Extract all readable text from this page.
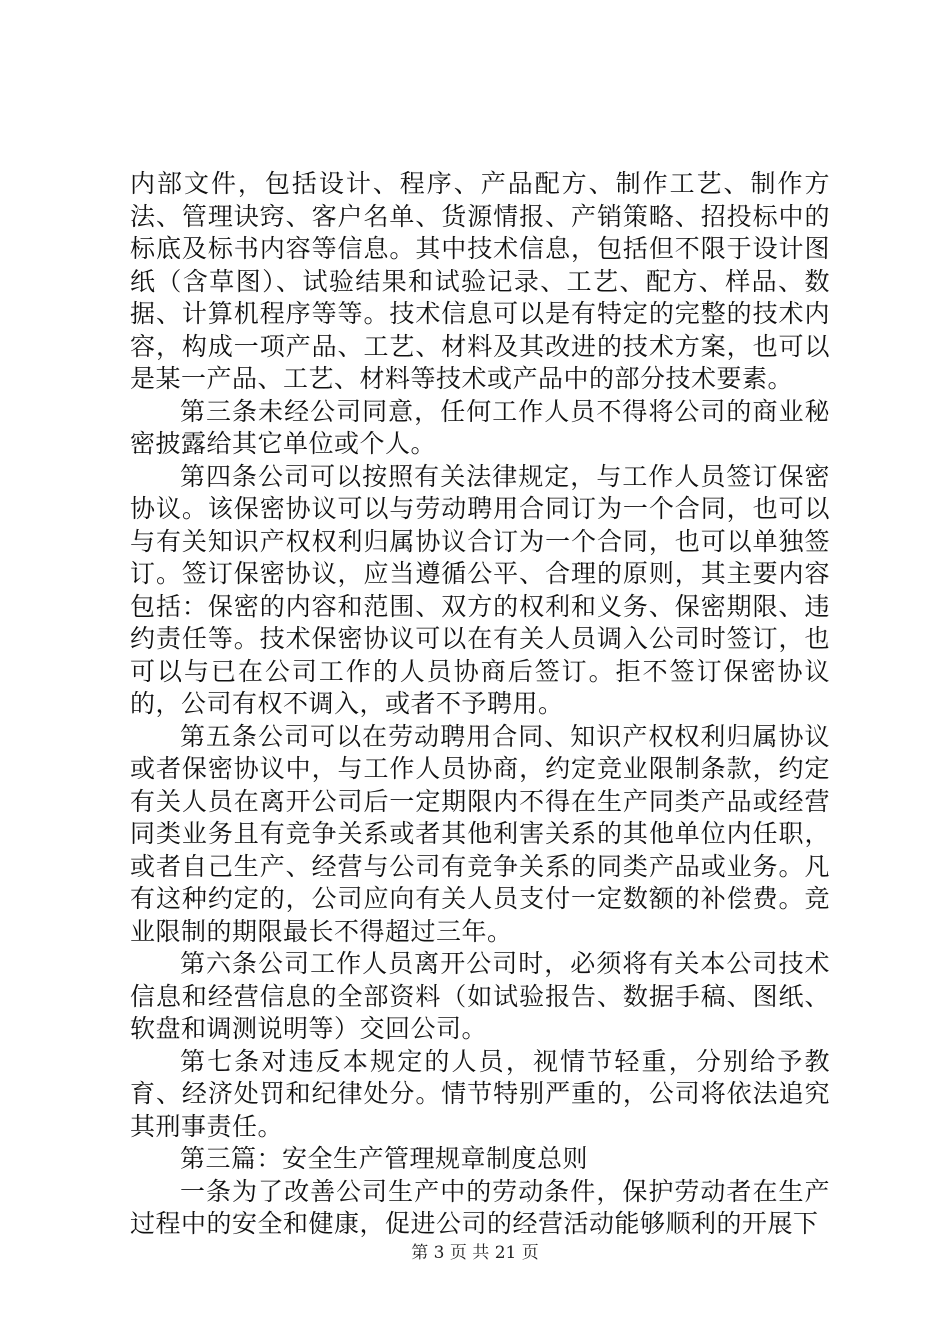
内部文件，包括设计、程序、产品配方、制作工艺、制作方法、管理诀窍、客户名单、货源情报、产销策略、招投标中的标底及标书内容等信息。其中技术信息，包括但不限于设计图纸（含草图）、试验结果和试验记录、工艺、配方、样品、数据、计算机程序等等。技术信息可以是有特定的完整的技术内容，构成一项产品、工艺、材料及其改进的技术方案，也可以是某一产品、工艺、材料等技术或产品中的部分技术要素。

第三条未经公司同意，任何工作人员不得将公司的商业秘密披露给其它单位或个人。

第四条公司可以按照有关法律规定，与工作人员签订保密协议。该保密协议可以与劳动聘用合同订为一个合同，也可以与有关知识产权权利归属协议合订为一个合同，也可以单独签订。签订保密协议，应当遵循公平、合理的原则，其主要内容包括：保密的内容和范围、双方的权利和义务、保密期限、违约责任等。技术保密协议可以在有关人员调入公司时签订，也可以与已在公司工作的人员协商后签订。拒不签订保密协议的，公司有权不调入，或者不予聘用。

第五条公司可以在劳动聘用合同、知识产权权利归属协议或者保密协议中，与工作人员协商，约定竞业限制条款，约定有关人员在离开公司后一定期限内不得在生产同类产品或经营同类业务且有竞争关系或者其他利害关系的其他单位内任职，或者自己生产、经营与公司有竞争关系的同类产品或业务。凡有这种约定的，公司应向有关人员支付一定数额的补偿费。竞业限制的期限最长不得超过三年。

第六条公司工作人员离开公司时，必须将有关本公司技术信息和经营信息的全部资料（如试验报告、数据手稿、图纸、软盘和调测说明等）交回公司。

第七条对违反本规定的人员，视情节轻重，分别给予教育、经济处罚和纪律处分。情节特别严重的，公司将依法追究其刑事责任。

第三篇：安全生产管理规章制度总则

一条为了改善公司生产中的劳动条件，保护劳动者在生产过程中的安全和健康，促进公司的经营活动能够顺利的开展下

第 3 页 共 21 页
